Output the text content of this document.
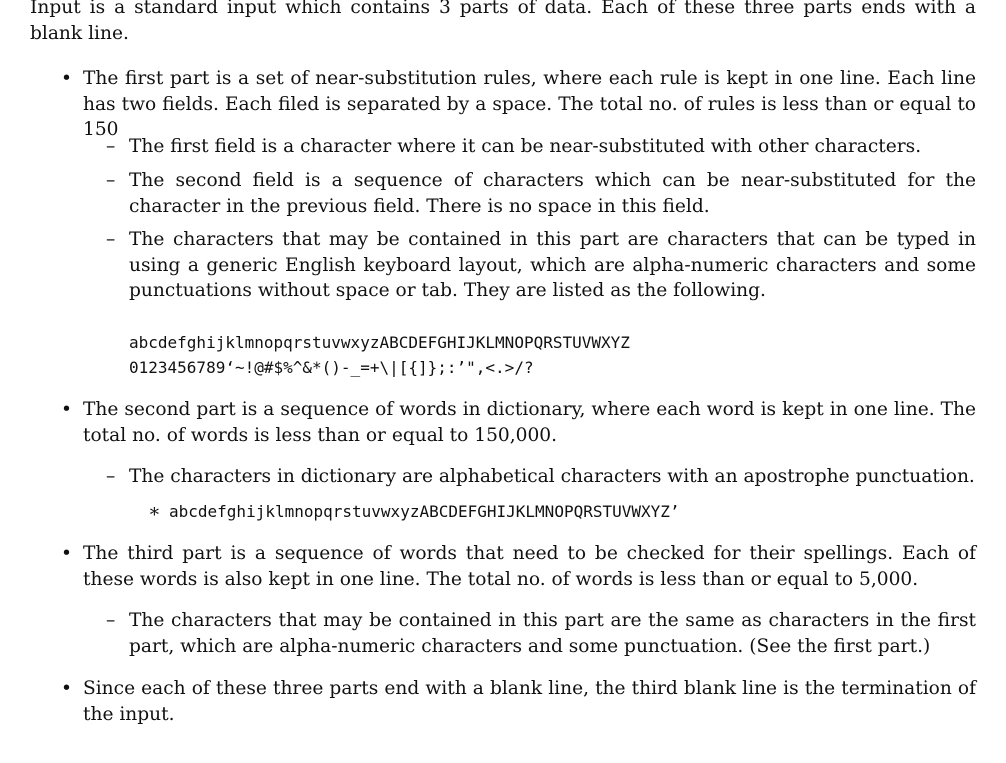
Input is a standard input which contains 3 parts of data. Each of these three parts ends with a blank line.

• The first part is a set of near-substitution rules, where each rule is kept in one line. Each line has two fields. Each filed is separated by a space. The total no. of rules is less than or equal to 150

• The second part is a sequence of words in dictionary, where each word is kept in one line. The total no. of words is less than or equal to 150,000.

• The third part is a sequence of words that need to be checked for their spellings. Each of these words is also kept in one line. The total no. of words is less than or equal to 5,000.

• Since each of these three parts end with a blank line, the third blank line is the termination of the input.

– The first field is a character where it can be near-substituted with other characters.

– The second field is a sequence of characters which can be near-substituted for the character in the previous field. There is no space in this field.

– The characters that may be contained in this part are characters that can be typed in using a generic English keyboard layout, which are alpha-numeric characters and some punctuations without space or tab. They are listed as the following.

abcdefghijklmnopqrstuvwxyzABCDEFGHIJKLMNOPQRSTUVWXYZ
0123456789‘~!@#$%^&*()-_=+\|[{]};:’",<.>/?
– The characters in dictionary are alphabetical characters with an apostrophe punctuation.

∗ abcdefghijklmnopqrstuvwxyzABCDEFGHIJKLMNOPQRSTUVWXYZ’
– The characters that may be contained in this part are the same as characters in the first part, which are alpha-numeric characters and some punctuation. (See the first part.)
